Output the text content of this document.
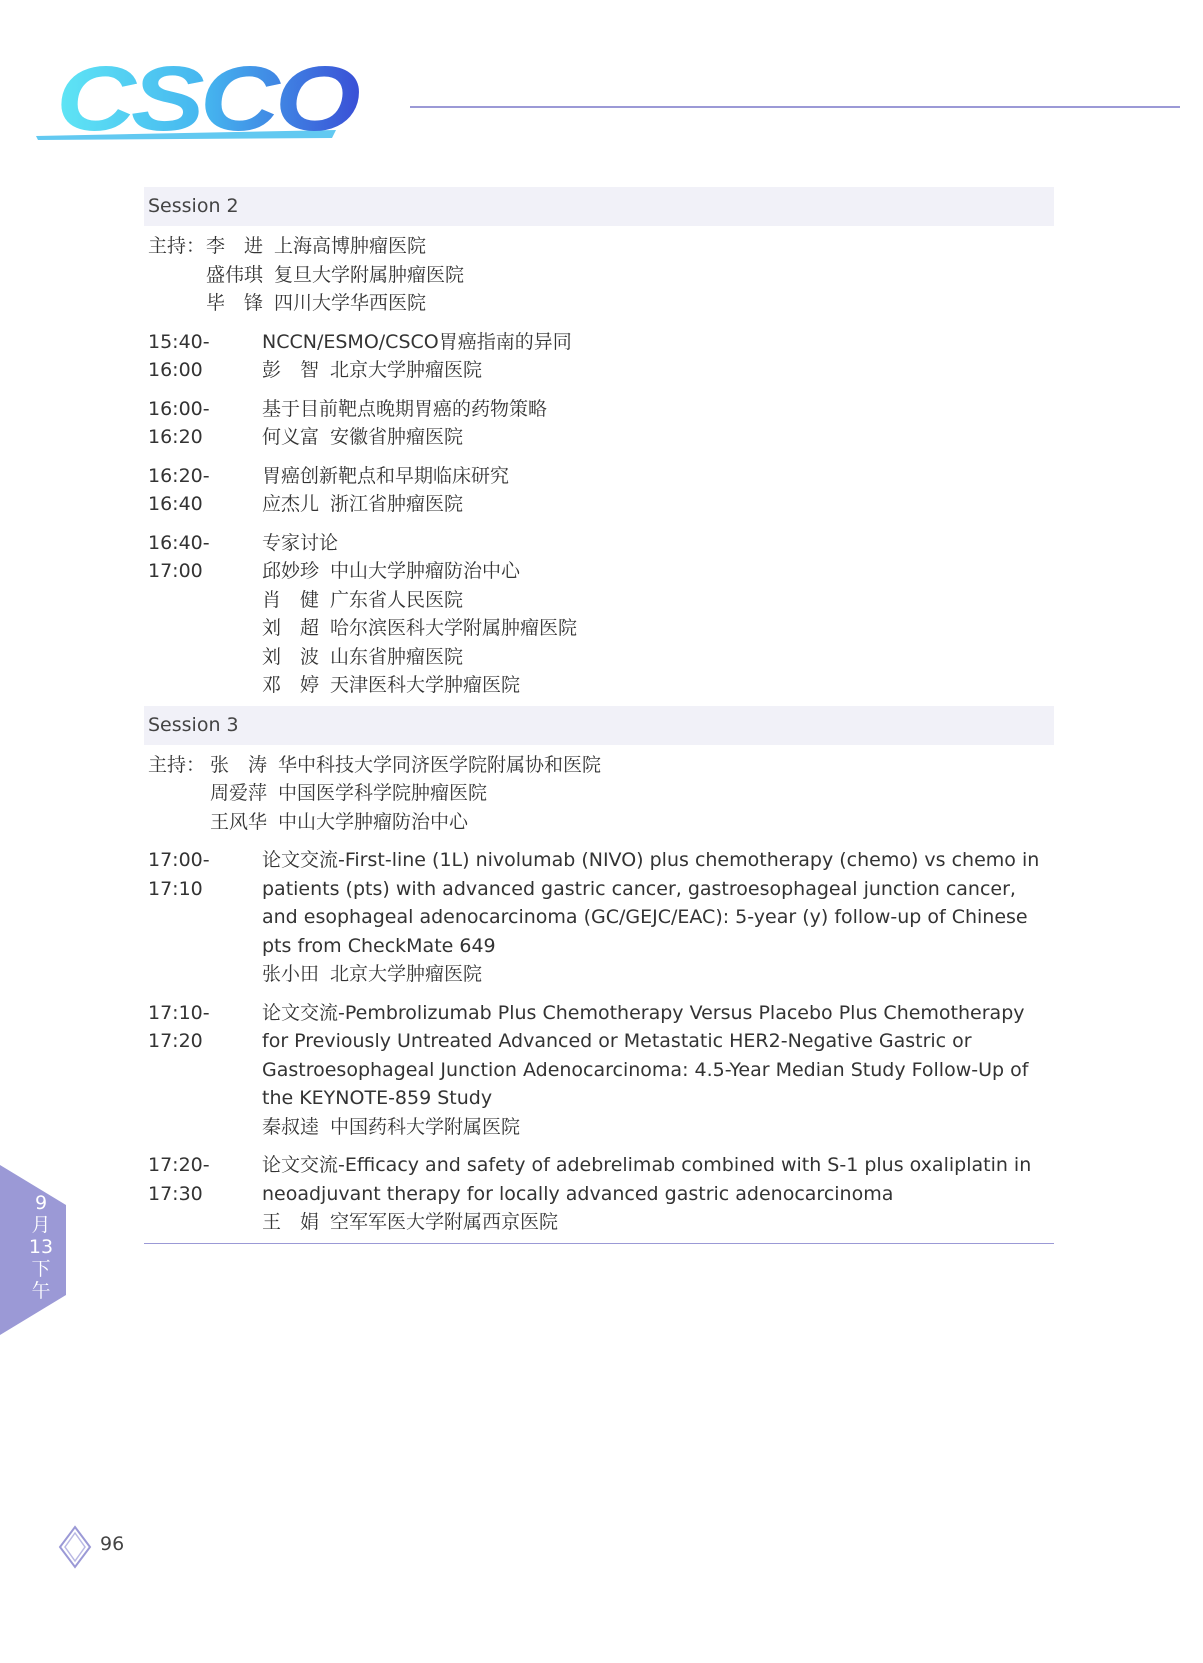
CSCO
Session 2
主持： 李　进 上海高博肿瘤医院
盛伟琪 复旦大学附属肿瘤医院
毕　锋 四川大学华西医院
15:40-16:00
NCCN/ESMO/CSCO胃癌指南的异同
彭　智 北京大学肿瘤医院
16:00-16:20
基于目前靶点晚期胃癌的药物策略
何义富 安徽省肿瘤医院
16:20-16:40
胃癌创新靶点和早期临床研究
应杰儿 浙江省肿瘤医院
16:40-17:00
专家讨论
邱妙珍 中山大学肿瘤防治中心
肖　健 广东省人民医院
刘　超 哈尔滨医科大学附属肿瘤医院
刘　波 山东省肿瘤医院
邓　婷 天津医科大学肿瘤医院
Session 3
主持： 张　涛 华中科技大学同济医学院附属协和医院
周爱萍 中国医学科学院肿瘤医院
王风华 中山大学肿瘤防治中心
17:00-17:10
论文交流-First-line (1L) nivolumab (NIVO) plus chemotherapy (chemo) vs chemo in patients (pts) with advanced gastric cancer, gastroesophageal junction cancer, and esophageal adenocarcinoma (GC/GEJC/EAC): 5-year (y) follow-up of Chinese pts from CheckMate 649
张小田 北京大学肿瘤医院
17:10-17:20
论文交流-Pembrolizumab Plus Chemotherapy Versus Placebo Plus Chemotherapy for Previously Untreated Advanced or Metastatic HER2-Negative Gastric or Gastroesophageal Junction Adenocarcinoma: 4.5-Year Median Study Follow-Up of the KEYNOTE-859 Study
秦叔逵 中国药科大学附属医院
17:20-17:30
论文交流-Efficacy and safety of adebrelimab combined with S-1 plus oxaliplatin in neoadjuvant therapy for locally advanced gastric adenocarcinoma
王　娟 空军军医大学附属西京医院
9月13下午
96
